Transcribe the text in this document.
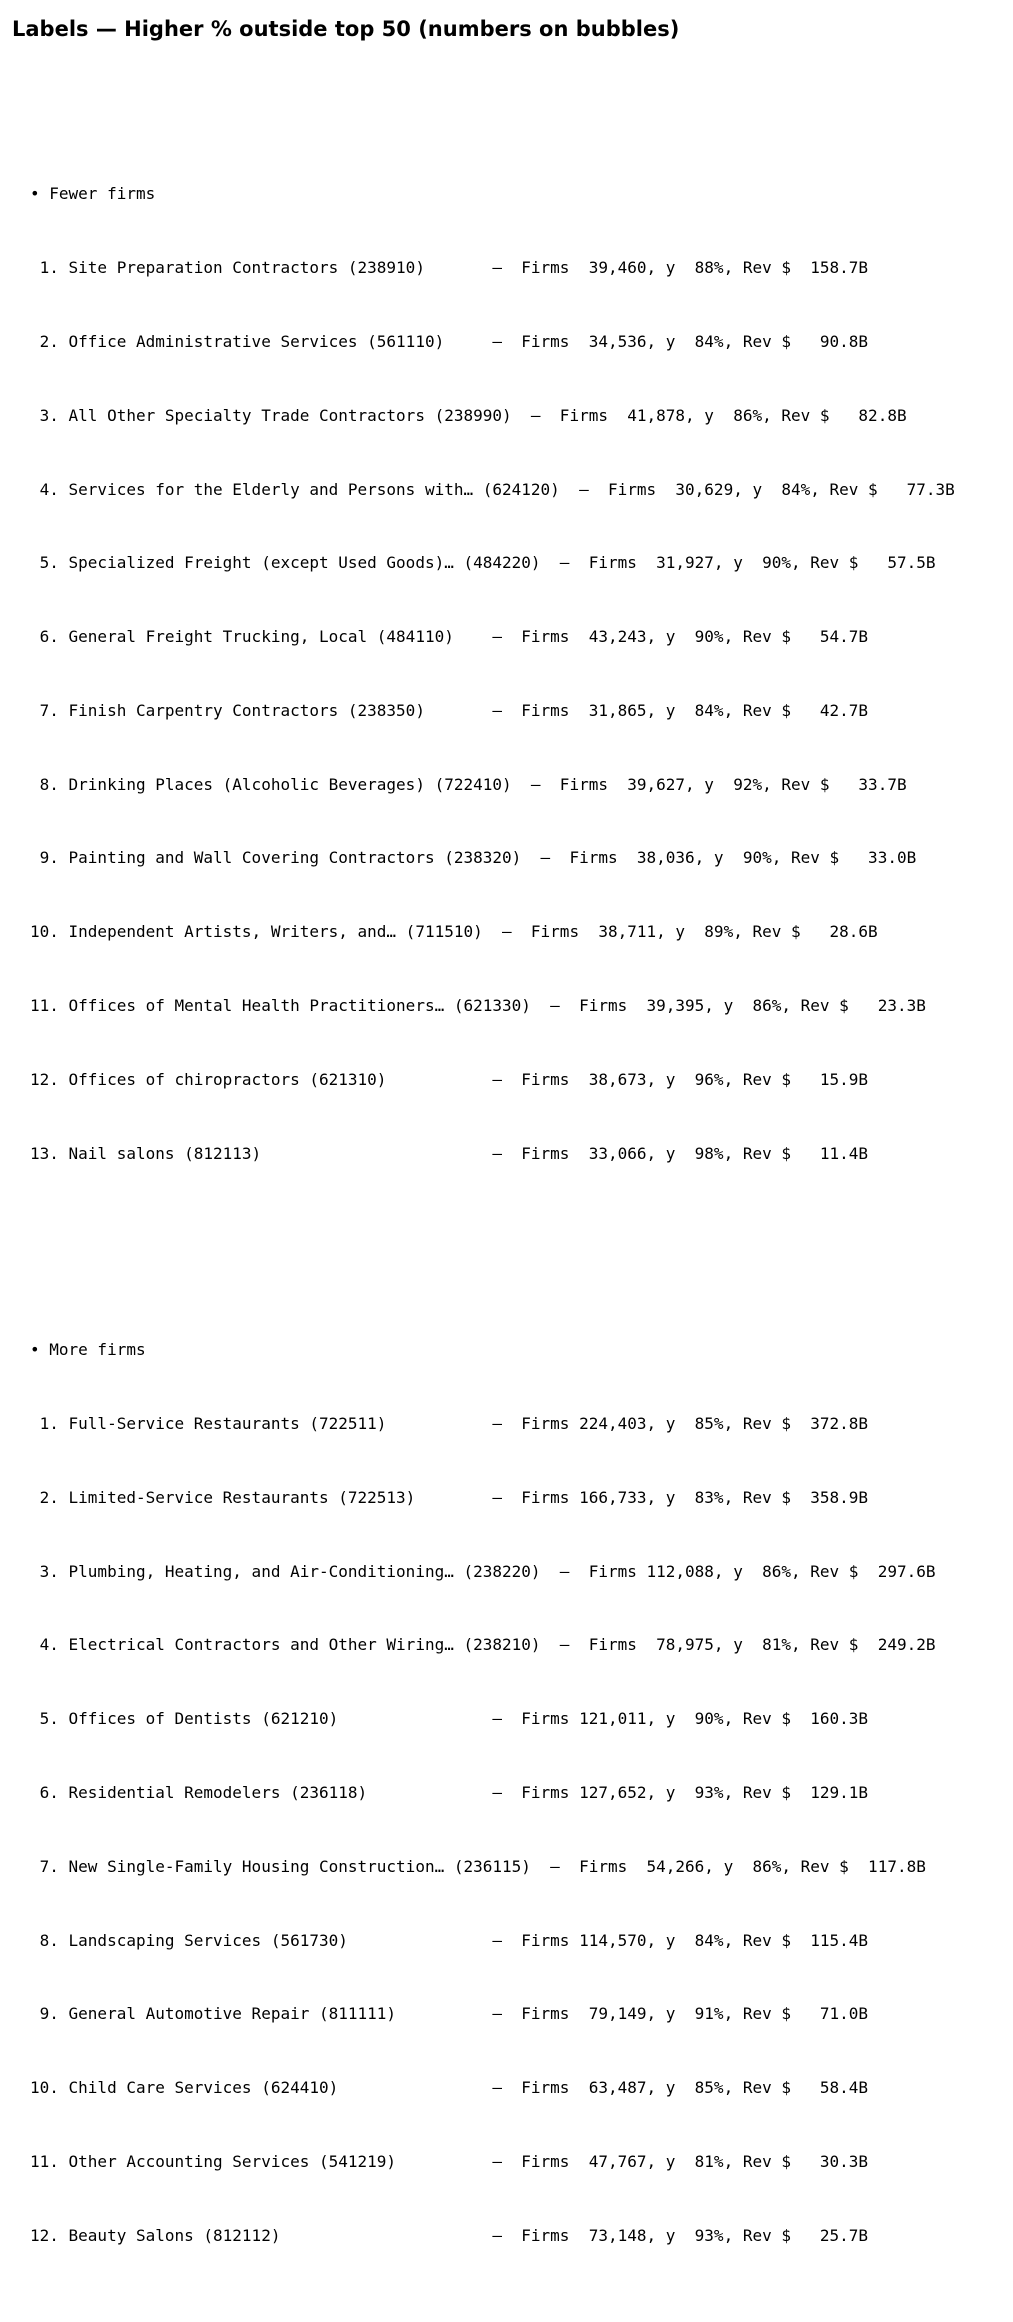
Labels — Higher % outside top 50 (numbers on bubbles)

• Fewer firms

1. Site Preparation Contractors (238910)       —  Firms  39,460, y  88%, Rev $  158.7B

2. Office Administrative Services (561110)     —  Firms  34,536, y  84%, Rev $   90.8B

3. All Other Specialty Trade Contractors (238990)  —  Firms  41,878, y  86%, Rev $   82.8B

4. Services for the Elderly and Persons with… (624120)  —  Firms  30,629, y  84%, Rev $   77.3B

5. Specialized Freight (except Used Goods)… (484220)  —  Firms  31,927, y  90%, Rev $   57.5B

6. General Freight Trucking, Local (484110)    —  Firms  43,243, y  90%, Rev $   54.7B

7. Finish Carpentry Contractors (238350)       —  Firms  31,865, y  84%, Rev $   42.7B

8. Drinking Places (Alcoholic Beverages) (722410)  —  Firms  39,627, y  92%, Rev $   33.7B

9. Painting and Wall Covering Contractors (238320)  —  Firms  38,036, y  90%, Rev $   33.0B

10. Independent Artists, Writers, and… (711510)  —  Firms  38,711, y  89%, Rev $   28.6B

11. Offices of Mental Health Practitioners… (621330)  —  Firms  39,395, y  86%, Rev $   23.3B

12. Offices of chiropractors (621310)           —  Firms  38,673, y  96%, Rev $   15.9B

13. Nail salons (812113)                        —  Firms  33,066, y  98%, Rev $   11.4B

• More firms

1. Full-Service Restaurants (722511)           —  Firms 224,403, y  85%, Rev $  372.8B

2. Limited-Service Restaurants (722513)        —  Firms 166,733, y  83%, Rev $  358.9B

3. Plumbing, Heating, and Air-Conditioning… (238220)  —  Firms 112,088, y  86%, Rev $  297.6B

4. Electrical Contractors and Other Wiring… (238210)  —  Firms  78,975, y  81%, Rev $  249.2B

5. Offices of Dentists (621210)                —  Firms 121,011, y  90%, Rev $  160.3B

6. Residential Remodelers (236118)             —  Firms 127,652, y  93%, Rev $  129.1B

7. New Single-Family Housing Construction… (236115)  —  Firms  54,266, y  86%, Rev $  117.8B

8. Landscaping Services (561730)               —  Firms 114,570, y  84%, Rev $  115.4B

9. General Automotive Repair (811111)          —  Firms  79,149, y  91%, Rev $   71.0B

10. Child Care Services (624410)                —  Firms  63,487, y  85%, Rev $   58.4B

11. Other Accounting Services (541219)          —  Firms  47,767, y  81%, Rev $   30.3B

12. Beauty Salons (812112)                      —  Firms  73,148, y  93%, Rev $   25.7B
